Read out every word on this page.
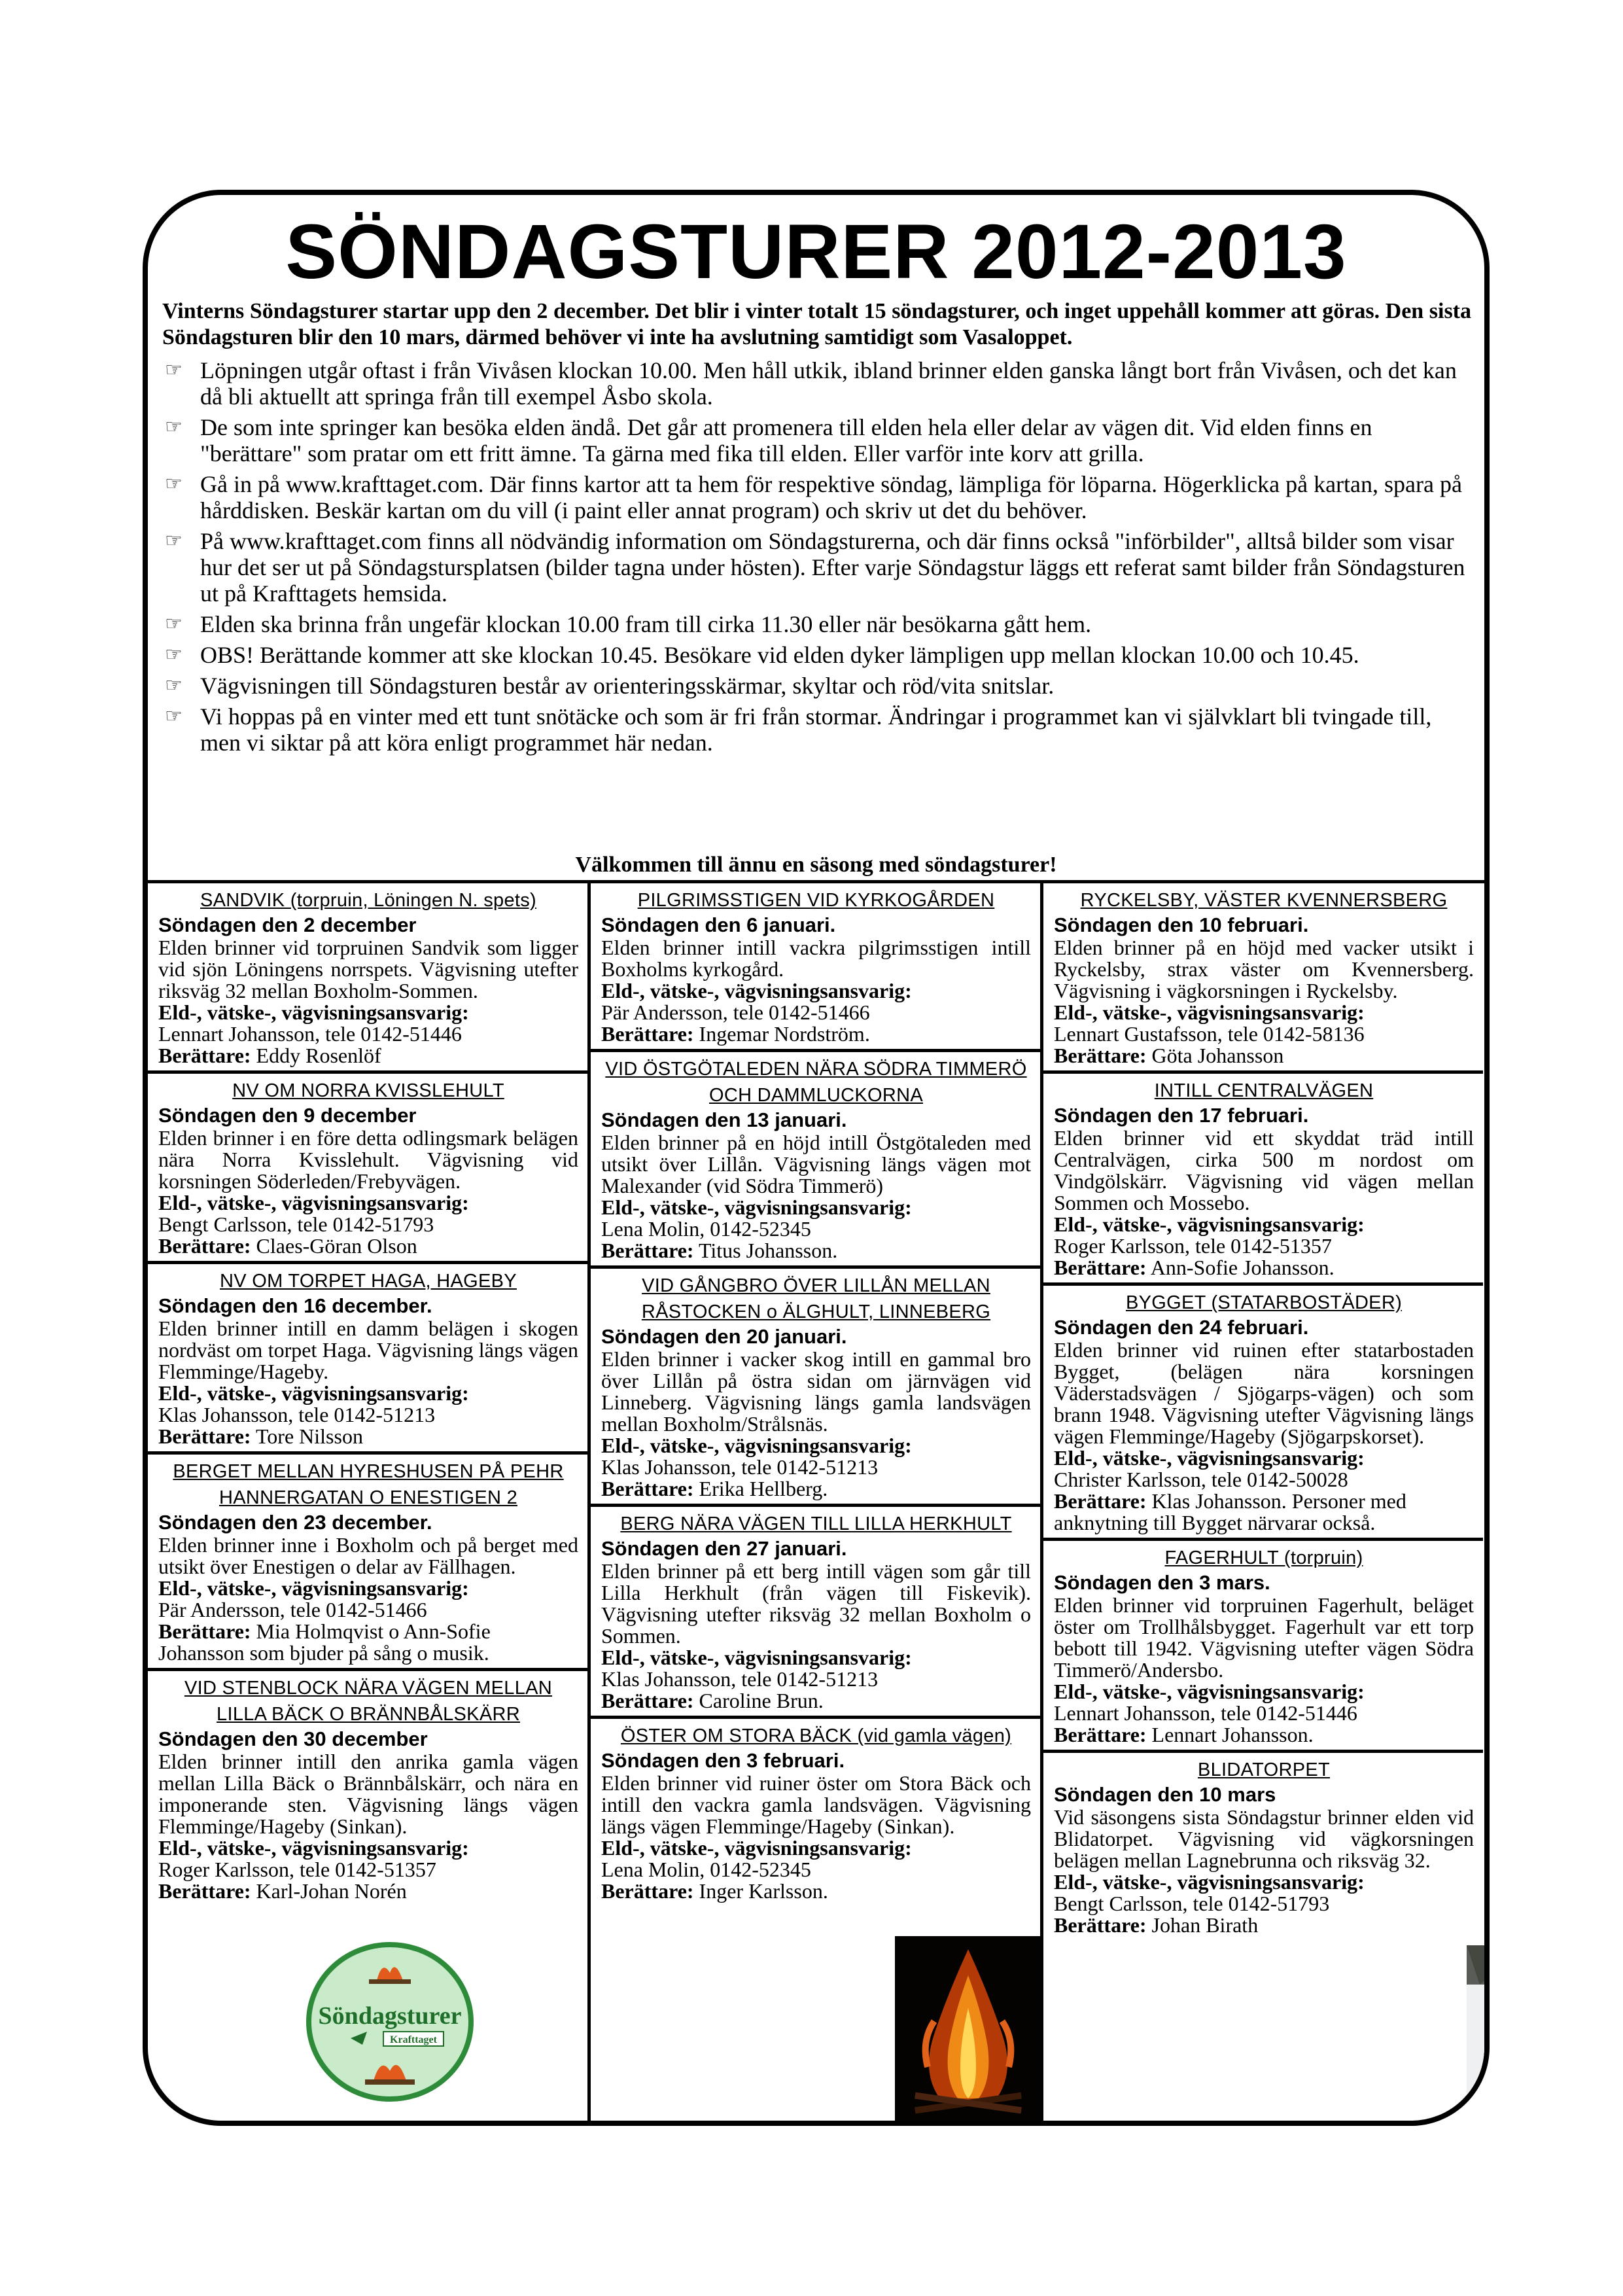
SÖNDAGSTURER 2012-2013
Vinterns Söndagsturer startar upp den 2 december. Det blir i vinter totalt 15 söndagsturer, och inget uppehåll kommer att göras. Den sista Söndagsturen blir den 10 mars, därmed behöver vi inte ha avslutning samtidigt som Vasaloppet.
☞ Löpningen utgår oftast i från Vivåsen klockan 10.00. Men håll utkik, ibland brinner elden ganska långt bort från Vivåsen, och det kan då bli aktuellt att springa från till exempel Åsbo skola.
☞ De som inte springer kan besöka elden ändå. Det går att promenera till elden hela eller delar av vägen dit. Vid elden finns en "berättare" som pratar om ett fritt ämne. Ta gärna med fika till elden. Eller varför inte korv att grilla.
☞ Gå in på www.krafttaget.com. Där finns kartor att ta hem för respektive söndag, lämpliga för löparna. Högerklicka på kartan, spara på hårddisken. Beskär kartan om du vill (i paint eller annat program) och skriv ut det du behöver.
☞ På www.krafttaget.com finns all nödvändig information om Söndagsturerna, och där finns också "införbilder", alltså bilder som visar hur det ser ut på Söndagstursplatsen (bilder tagna under hösten). Efter varje Söndagstur läggs ett referat samt bilder från Söndagsturen ut på Krafttagets hemsida.
☞ Elden ska brinna från ungefär klockan 10.00 fram till cirka 11.30 eller när besökarna gått hem.
☞ OBS! Berättande kommer att ske klockan 10.45. Besökare vid elden dyker lämpligen upp mellan klockan 10.00 och 10.45.
☞ Vägvisningen till Söndagsturen består av orienteringsskärmar, skyltar och röd/vita snitslar.
☞ Vi hoppas på en vinter med ett tunt snötäcke och som är fri från stormar. Ändringar i programmet kan vi självklart bli tvingade till, men vi siktar på att köra enligt programmet här nedan.
Välkommen till ännu en säsong med söndagsturer!
SANDVIK (torpruin, Löningen N. spets)
Söndagen den 2 december
Elden brinner vid torpruinen Sandvik som ligger vid sjön Löningens norrspets. Vägvisning utefter riksväg 32 mellan Boxholm-Sommen.
Eld-, vätske-, vägvisningsansvarig:
Lennart Johansson, tele 0142-51446
Berättare: Eddy Rosenlöf
NV OM NORRA KVISSLEHULT
Söndagen den 9 december
Elden brinner i en före detta odlingsmark belägen nära Norra Kvisslehult. Vägvisning vid korsningen Söderleden/Frebyvägen.
Eld-, vätske-, vägvisningsansvarig:
Bengt Carlsson, tele 0142-51793
Berättare: Claes-Göran Olson
NV OM TORPET HAGA, HAGEBY
Söndagen den 16 december.
Elden brinner intill en damm belägen i skogen nordväst om torpet Haga. Vägvisning längs vägen Flemminge/Hageby.
Eld-, vätske-, vägvisningsansvarig:
Klas Johansson, tele 0142-51213
Berättare: Tore Nilsson
BERGET MELLAN HYRESHUSEN PÅ PEHR HANNERGATAN O ENESTIGEN 2
Söndagen den 23 december.
Elden brinner inne i Boxholm och på berget med utsikt över Enestigen o delar av Fällhagen.
Eld-, vätske-, vägvisningsansvarig:
Pär Andersson, tele 0142-51466
Berättare: Mia Holmqvist o Ann-Sofie Johansson som bjuder på sång o musik.
VID STENBLOCK NÄRA VÄGEN MELLAN LILLA BÄCK O BRÄNNBÅLSKÄRR
Söndagen den 30 december
Elden brinner intill den anrika gamla vägen mellan Lilla Bäck o Brännbålskärr, och nära en imponerande sten. Vägvisning längs vägen Flemminge/Hageby (Sinkan).
Eld-, vätske-, vägvisningsansvarig:
Roger Karlsson, tele 0142-51357
Berättare: Karl-Johan Norén
PILGRIMSSTIGEN VID KYRKOGÅRDEN
Söndagen den 6 januari.
Elden brinner intill vackra pilgrimsstigen intill Boxholms kyrkogård.
Eld-, vätske-, vägvisningsansvarig:
Pär Andersson, tele 0142-51466
Berättare: Ingemar Nordström.
VID ÖSTGÖTALEDEN NÄRA SÖDRA TIMMERÖ OCH DAMMLUCKORNA
Söndagen den 13 januari.
Elden brinner på en höjd intill Östgötaleden med utsikt över Lillån. Vägvisning längs vägen mot Malexander (vid Södra Timmerö)
Eld-, vätske-, vägvisningsansvarig:
Lena Molin, 0142-52345
Berättare: Titus Johansson.
VID GÅNGBRO ÖVER LILLÅN MELLAN RÅSTOCKEN o ÄLGHULT, LINNEBERG
Söndagen den 20 januari.
Elden brinner i vacker skog intill en gammal bro över Lillån på östra sidan om järnvägen vid Linneberg. Vägvisning längs gamla landsvägen mellan Boxholm/Strålsnäs.
Eld-, vätske-, vägvisningsansvarig:
Klas Johansson, tele 0142-51213
Berättare: Erika Hellberg.
BERG NÄRA VÄGEN TILL LILLA HERKHULT
Söndagen den 27 januari.
Elden brinner på ett berg intill vägen som går till Lilla Herkhult (från vägen till Fiskevik). Vägvisning utefter riksväg 32 mellan Boxholm o Sommen.
Eld-, vätske-, vägvisningsansvarig:
Klas Johansson, tele 0142-51213
Berättare: Caroline Brun.
ÖSTER OM STORA BÄCK (vid gamla vägen)
Söndagen den 3 februari.
Elden brinner vid ruiner öster om Stora Bäck och intill den vackra gamla landsvägen. Vägvisning längs vägen Flemminge/Hageby (Sinkan).
Eld-, vätske-, vägvisningsansvarig:
Lena Molin, 0142-52345
Berättare: Inger Karlsson.
RYCKELSBY, VÄSTER KVENNERSBERG
Söndagen den 10 februari.
Elden brinner på en höjd med vacker utsikt i Ryckelsby, strax väster om Kvennersberg. Vägvisning i vägkorsningen i Ryckelsby.
Eld-, vätske-, vägvisningsansvarig:
Lennart Gustafsson, tele 0142-58136
Berättare: Göta Johansson
INTILL CENTRALVÄGEN
Söndagen den 17 februari.
Elden brinner vid ett skyddat träd intill Centralvägen, cirka 500 m nordost om Vindgölskärr. Vägvisning vid vägen mellan Sommen och Mossebo.
Eld-, vätske-, vägvisningsansvarig:
Roger Karlsson, tele 0142-51357
Berättare: Ann-Sofie Johansson.
BYGGET (STATARBOSTÄDER)
Söndagen den 24 februari.
Elden brinner vid ruinen efter statarbostaden Bygget, (belägen nära korsningen Väderstadsvägen / Sjögarps-vägen) och som brann 1948. Vägvisning utefter Vägvisning längs vägen Flemminge/Hageby (Sjögarpskorset).
Eld-, vätske-, vägvisningsansvarig:
Christer Karlsson, tele 0142-50028
Berättare: Klas Johansson. Personer med anknytning till Bygget närvarar också.
FAGERHULT (torpruin)
Söndagen den 3 mars.
Elden brinner vid torpruinen Fagerhult, beläget öster om Trollhålsbygget. Fagerhult var ett torp bebott till 1942. Vägvisning utefter vägen Södra Timmerö/Andersbo.
Eld-, vätske-, vägvisningsansvarig:
Lennart Johansson, tele 0142-51446
Berättare: Lennart Johansson.
BLIDATORPET
Söndagen den 10 mars
Vid säsongens sista Söndagstur brinner elden vid Blidatorpet. Vägvisning vid vägkorsningen belägen mellan Lagnebrunna och riksväg 32.
Eld-, vätske-, vägvisningsansvarig:
Bengt Carlsson, tele 0142-51793
Berättare: Johan Birath
Söndagsturer
Krafttaget
